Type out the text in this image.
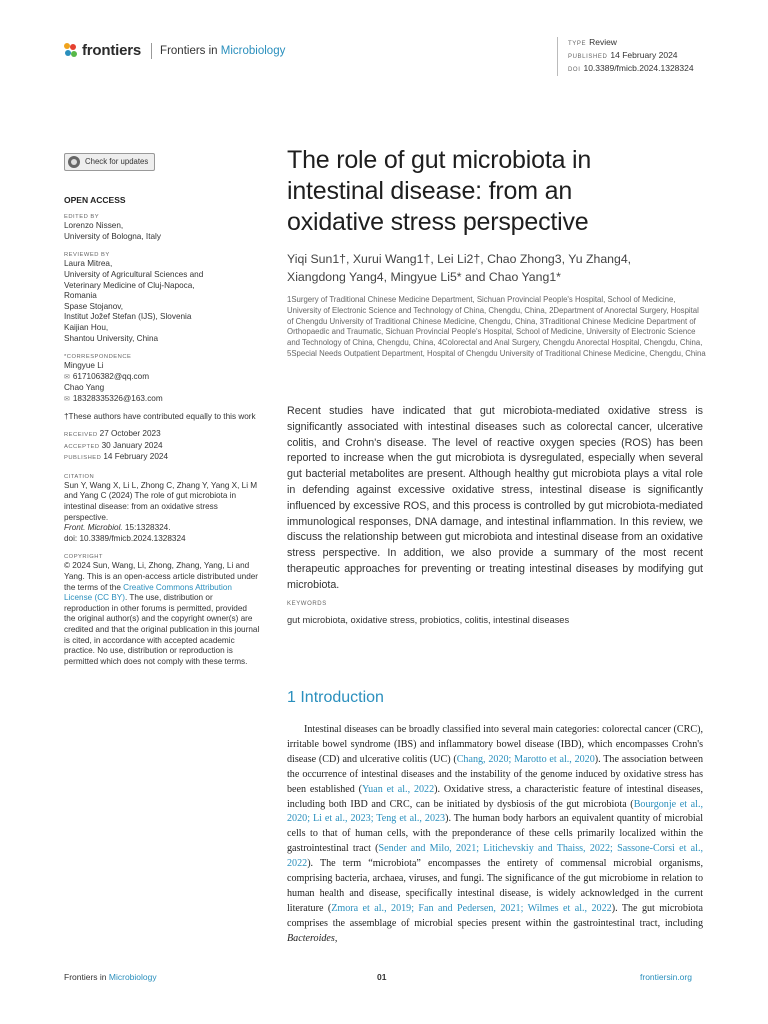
frontiers Frontiers in Microbiology
TYPE Review
PUBLISHED 14 February 2024
DOI 10.3389/fmicb.2024.1328324
Check for updates
OPEN ACCESS
EDITED BY
Lorenzo Nissen,
University of Bologna, Italy
REVIEWED BY
Laura Mitrea,
University of Agricultural Sciences and
Veterinary Medicine of Cluj-Napoca,
Romania
Spase Stojanov,
Institut Jožef Stefan (IJS), Slovenia
Kaijian Hou,
Shantou University, China
*CORRESPONDENCE
Mingyue Li
✉ 617106382@qq.com
Chao Yang
✉ 18328335326@163.com
†These authors have contributed equally to this work
RECEIVED 27 October 2023
ACCEPTED 30 January 2024
PUBLISHED 14 February 2024
CITATION
Sun Y, Wang X, Li L, Zhong C, Zhang Y, Yang X, Li M and Yang C (2024) The role of gut microbiota in intestinal disease: from an oxidative stress perspective.
Front. Microbiol. 15:1328324.
doi: 10.3389/fmicb.2024.1328324
COPYRIGHT
© 2024 Sun, Wang, Li, Zhong, Zhang, Yang, Li and Yang. This is an open-access article distributed under the terms of the Creative Commons Attribution License (CC BY). The use, distribution or reproduction in other forums is permitted, provided the original author(s) and the copyright owner(s) are credited and that the original publication in this journal is cited, in accordance with accepted academic practice. No use, distribution or reproduction is permitted which does not comply with these terms.
The role of gut microbiota in intestinal disease: from an oxidative stress perspective
Yiqi Sun1†, Xurui Wang1†, Lei Li2†, Chao Zhong3, Yu Zhang4, Xiangdong Yang4, Mingyue Li5* and Chao Yang1*
1Surgery of Traditional Chinese Medicine Department, Sichuan Provincial People's Hospital, School of Medicine, University of Electronic Science and Technology of China, Chengdu, China, 2Department of Anorectal Surgery, Hospital of Chengdu University of Traditional Chinese Medicine, Chengdu, China, 3Traditional Chinese Medicine Department of Orthopaedic and Traumatic, Sichuan Provincial People's Hospital, School of Medicine, University of Electronic Science and Technology of China, Chengdu, China, 4Colorectal and Anal Surgery, Chengdu Anorectal Hospital, Chengdu, China, 5Special Needs Outpatient Department, Hospital of Chengdu University of Traditional Chinese Medicine, Chengdu, China
Recent studies have indicated that gut microbiota-mediated oxidative stress is significantly associated with intestinal diseases such as colorectal cancer, ulcerative colitis, and Crohn's disease. The level of reactive oxygen species (ROS) has been reported to increase when the gut microbiota is dysregulated, especially when several gut bacterial metabolites are present. Although healthy gut microbiota plays a vital role in defending against excessive oxidative stress, intestinal disease is significantly influenced by excessive ROS, and this process is controlled by gut microbiota-mediated immunological responses, DNA damage, and intestinal inflammation. In this review, we discuss the relationship between gut microbiota and intestinal disease from an oxidative stress perspective. In addition, we also provide a summary of the most recent therapeutic approaches for preventing or treating intestinal diseases by modifying gut microbiota.
KEYWORDS
gut microbiota, oxidative stress, probiotics, colitis, intestinal diseases
1 Introduction

Intestinal diseases can be broadly classified into several main categories: colorectal cancer (CRC), irritable bowel syndrome (IBS) and inflammatory bowel disease (IBD), which encompasses Crohn's disease (CD) and ulcerative colitis (UC) (Chang, 2020; Marotto et al., 2020). The association between the occurrence of intestinal diseases and the instability of the genome induced by oxidative stress has been established (Yuan et al., 2022). Oxidative stress, a characteristic feature of intestinal diseases, including both IBD and CRC, can be initiated by dysbiosis of the gut microbiota (Bourgonje et al., 2020; Li et al., 2023; Teng et al., 2023). The human body harbors an equivalent quantity of microbial cells to that of human cells, with the preponderance of these cells primarily localized within the gastrointestinal tract (Sender and Milo, 2021; Litichevskiy and Thaiss, 2022; Sassone-Corsi et al., 2022). The term “microbiota” encompasses the entirety of commensal microbial organisms, comprising bacteria, archaea, viruses, and fungi. The significance of the gut microbiome in relation to human health and disease, specifically intestinal disease, is widely acknowledged in the current literature (Zmora et al., 2019; Fan and Pedersen, 2021; Wilmes et al., 2022). The gut microbiota comprises the assemblage of microbial species present within the gastrointestinal tract, including Bacteroides,

Frontiers in Microbiology	01	frontiersin.org
